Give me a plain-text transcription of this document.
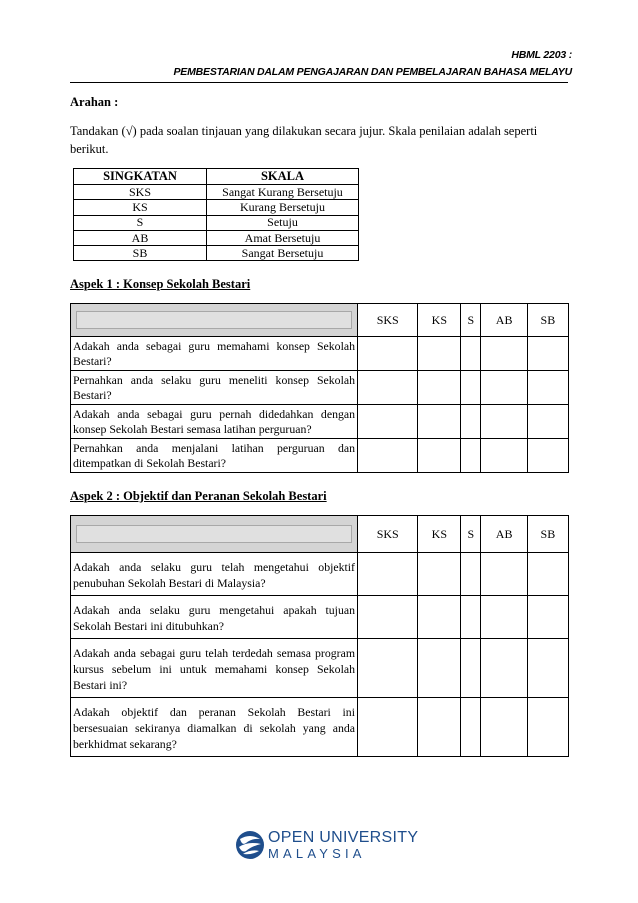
HBML 2203 :
PEMBESTARIAN DALAM PENGAJARAN DAN PEMBELAJARAN BAHASA MELAYU
Arahan :
Tandakan (√) pada soalan tinjauan yang dilakukan secara jujur. Skala penilaian adalah seperti
berikut.
SINGKATAN	SKALA
SKS	Sangat Kurang Bersetuju
KS	Kurang Bersetuju
S	Setuju
AB	Amat Bersetuju
SB	Sangat Bersetuju
Aspek 1 : Konsep Sekolah Bestari
	SKS	KS	S	AB	SB
Adakah anda sebagai guru memahami konsep Sekolah Bestari?					
Pernahkan anda selaku guru meneliti konsep Sekolah Bestari?					
Adakah anda sebagai guru pernah didedahkan dengan konsep Sekolah Bestari semasa latihan perguruan?					
Pernahkan anda menjalani latihan perguruan dan ditempatkan di Sekolah Bestari?					
Aspek 2 : Objektif dan Peranan Sekolah Bestari
	SKS	KS	S	AB	SB
Adakah anda selaku guru telah mengetahui objektif penubuhan Sekolah Bestari di Malaysia?					
Adakah anda selaku guru mengetahui apakah tujuan Sekolah Bestari ini ditubuhkan?					
Adakah anda sebagai guru telah terdedah semasa program kursus sebelum ini untuk memahami konsep Sekolah Bestari ini?					
Adakah objektif dan peranan Sekolah Bestari ini bersesuaian sekiranya diamalkan di sekolah yang anda berkhidmat sekarang?					
OPEN UNIVERSITY
MALAYSIA
